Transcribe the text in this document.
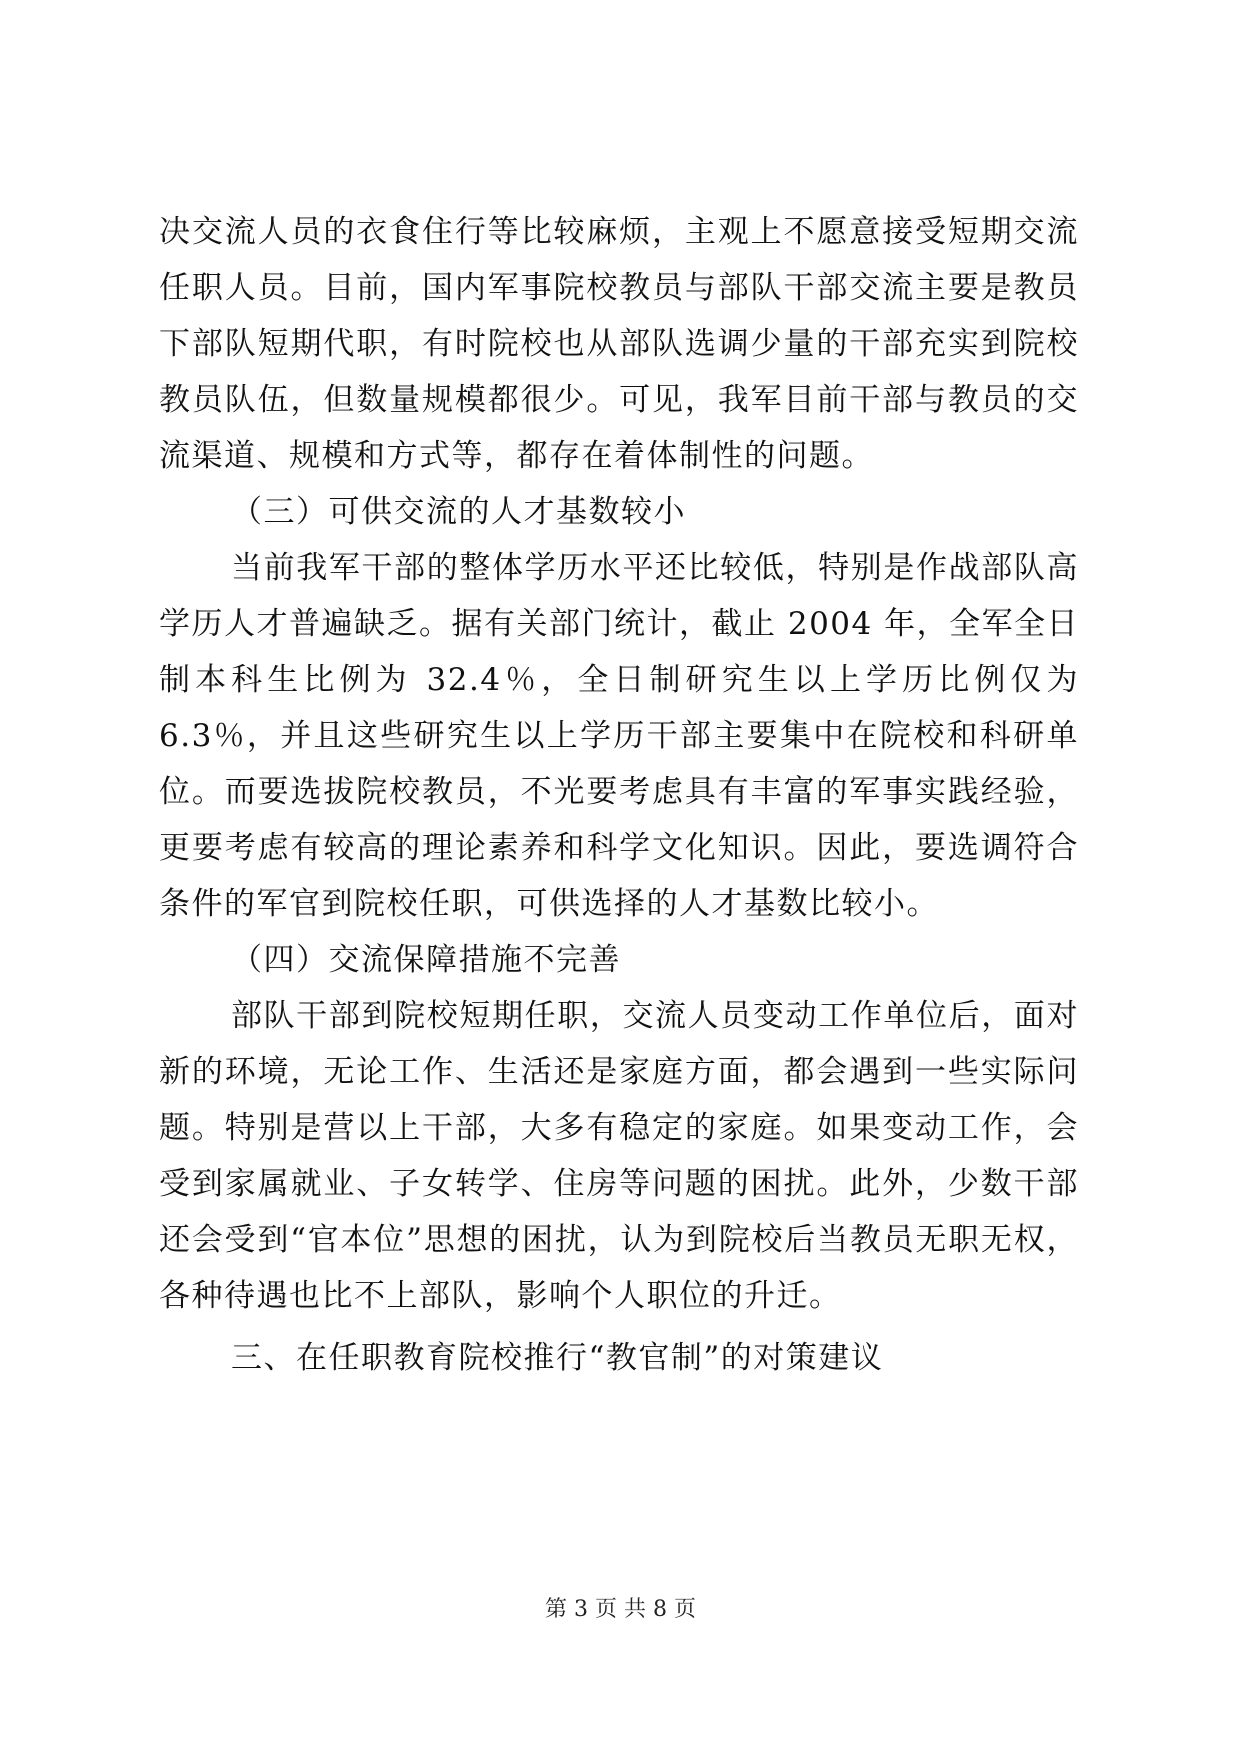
决交流人员的衣食住行等比较麻烦，主观上不愿意接受短期交流
任职人员。目前，国内军事院校教员与部队干部交流主要是教员
下部队短期代职，有时院校也从部队选调少量的干部充实到院校
教员队伍，但数量规模都很少。可见，我军目前干部与教员的交
流渠道、规模和方式等，都存在着体制性的问题。
（三）可供交流的人才基数较小
当前我军干部的整体学历水平还比较低，特别是作战部队高
学历人才普遍缺乏。据有关部门统计，截止 2004 年，全军全日
制本科生比例为 32.4％，全日制研究生以上学历比例仅为
6.3％，并且这些研究生以上学历干部主要集中在院校和科研单
位。而要选拔院校教员，不光要考虑具有丰富的军事实践经验，
更要考虑有较高的理论素养和科学文化知识。因此，要选调符合
条件的军官到院校任职，可供选择的人才基数比较小。
（四）交流保障措施不完善
部队干部到院校短期任职，交流人员变动工作单位后，面对
新的环境，无论工作、生活还是家庭方面，都会遇到一些实际问
题。特别是营以上干部，大多有稳定的家庭。如果变动工作，会
受到家属就业、子女转学、住房等问题的困扰。此外，少数干部
还会受到“官本位”思想的困扰，认为到院校后当教员无职无权，
各种待遇也比不上部队，影响个人职位的升迁。
三、在任职教育院校推行“教官制”的对策建议
第 3 页 共 8 页
